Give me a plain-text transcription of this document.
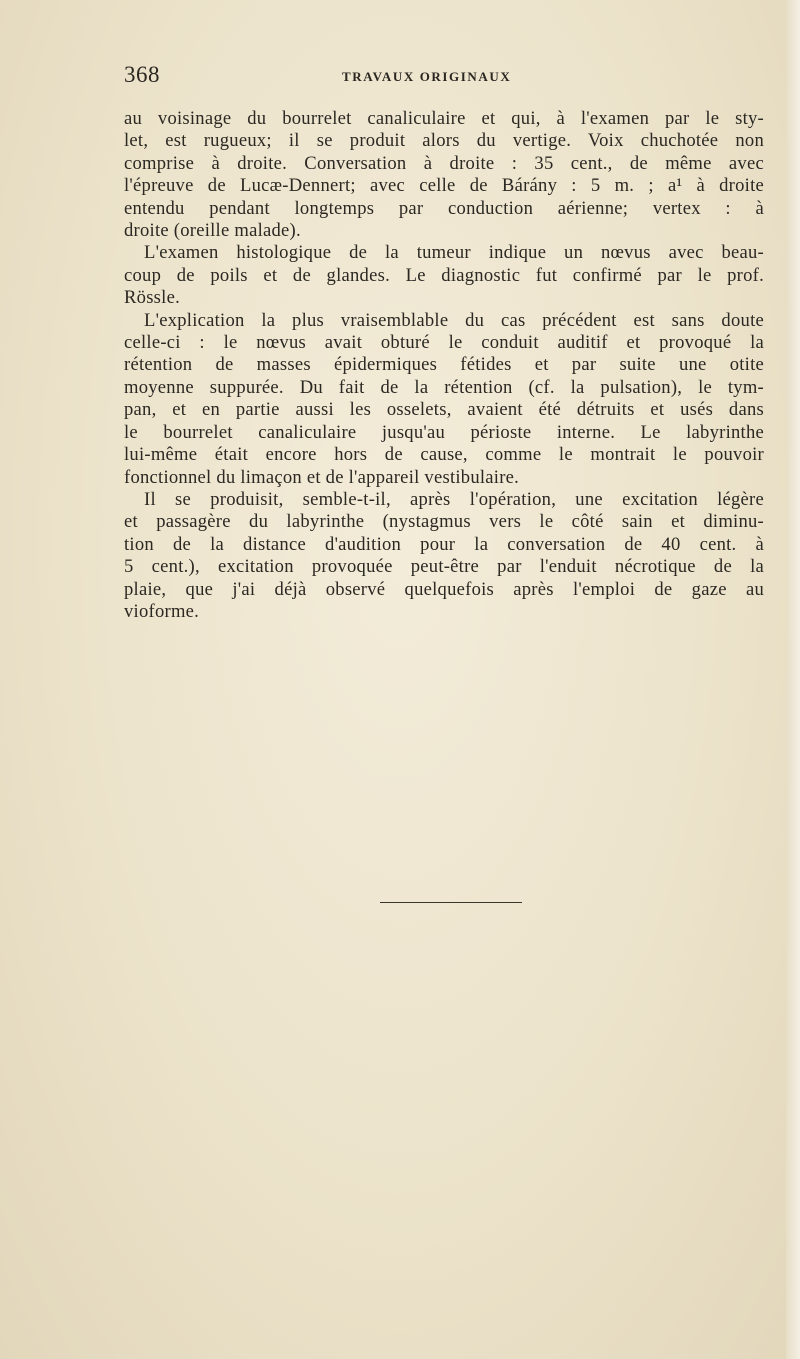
368	TRAVAUX ORIGINAUX
au voisinage du bourrelet canaliculaire et qui, à l'examen par le sty-
let, est rugueux; il se produit alors du vertige. Voix chuchotée non
comprise à droite. Conversation à droite : 35 cent., de même avec
l'épreuve de Lucæ-Dennert; avec celle de Bárány : 5 m. ; a¹ à droite
entendu pendant longtemps par conduction aérienne; vertex : à
droite (oreille malade).
L'examen histologique de la tumeur indique un nœvus avec beau-
coup de poils et de glandes. Le diagnostic fut confirmé par le prof.
Rössle.
L'explication la plus vraisemblable du cas précédent est sans doute
celle-ci : le nœvus avait obturé le conduit auditif et provoqué la
rétention de masses épidermiques fétides et par suite une otite
moyenne suppurée. Du fait de la rétention (cf. la pulsation), le tym-
pan, et en partie aussi les osselets, avaient été détruits et usés dans
le bourrelet canaliculaire jusqu'au périoste interne. Le labyrinthe
lui-même était encore hors de cause, comme le montrait le pouvoir
fonctionnel du limaçon et de l'appareil vestibulaire.
Il se produisit, semble-t-il, après l'opération, une excitation légère
et passagère du labyrinthe (nystagmus vers le côté sain et diminu-
tion de la distance d'audition pour la conversation de 40 cent. à
5 cent.), excitation provoquée peut-être par l'enduit nécrotique de la
plaie, que j'ai déjà observé quelquefois après l'emploi de gaze au
vioforme.
